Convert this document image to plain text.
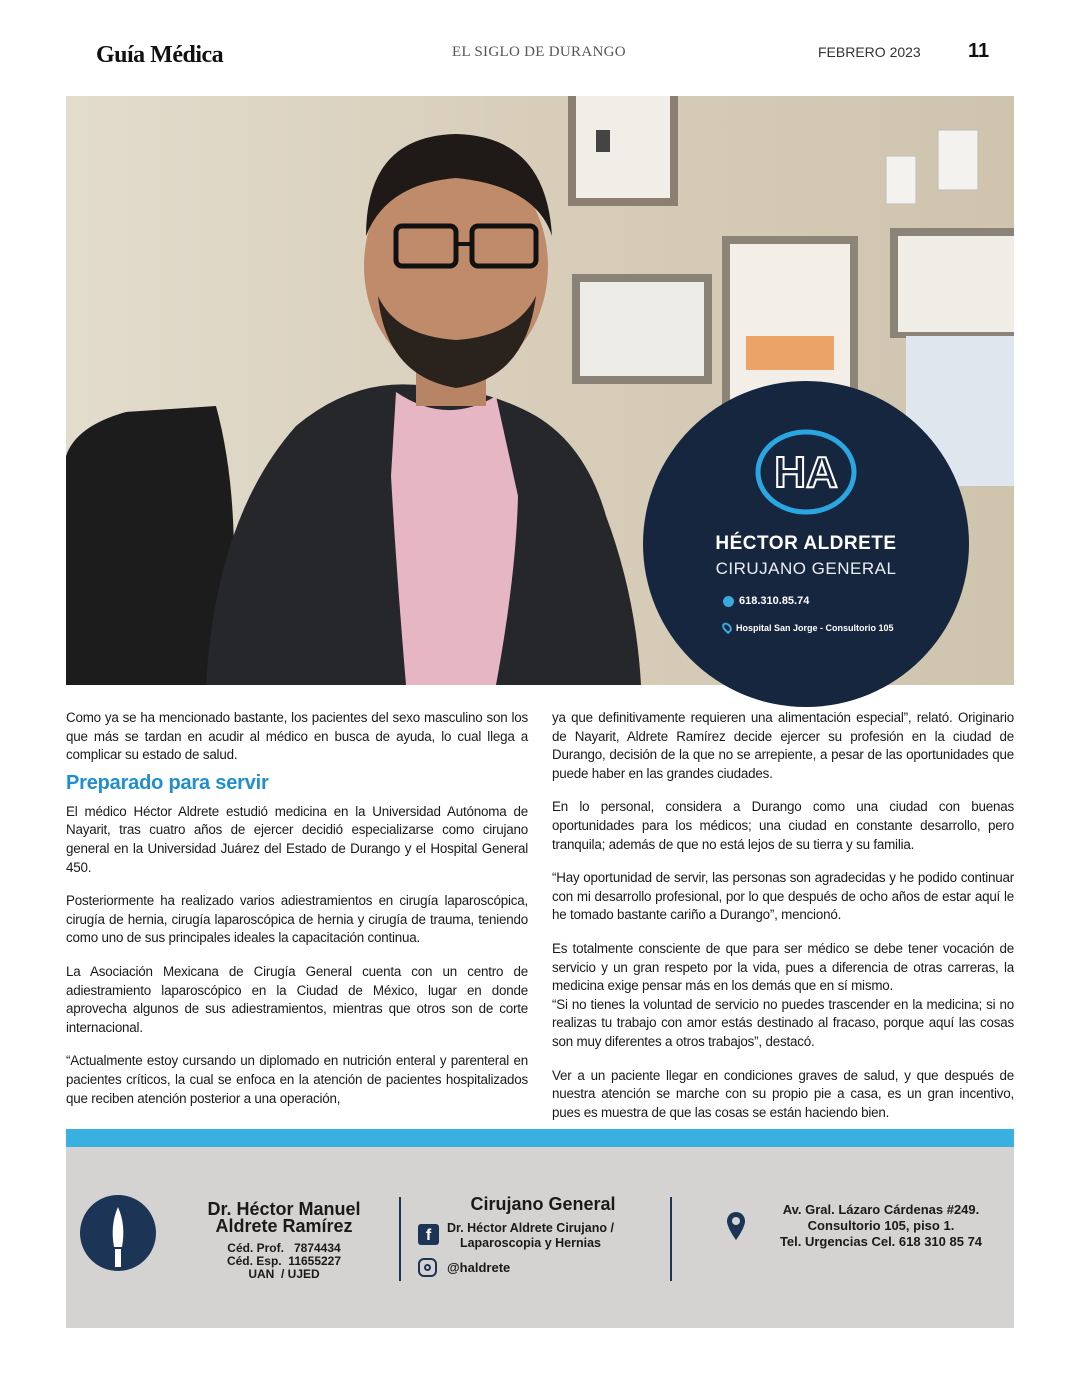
Guía Médica	EL SIGLO DE DURANGO	FEBRERO 2023 11
HA
HÉCTOR ALDRETE
CIRUJANO GENERAL
618.310.85.74
Hospital San Jorge - Consultorio 105

Como ya se ha mencionado bastante, los pacientes del sexo masculino son los que más se tardan en acudir al médico en busca de ayuda, lo cual llega a complicar su estado de salud.

Preparado para servir

El médico Héctor Aldrete estudió medicina en la Universidad Autónoma de Nayarit, tras cuatro años de ejercer decidió especializarse como cirujano general en la Universidad Juárez del Estado de Durango y el Hospital General 450.

Posteriormente ha realizado varios adiestramientos en cirugía laparoscópica, cirugía de hernia, cirugía laparoscópica de hernia y cirugía de trauma, teniendo como uno de sus principales ideales la capacitación continua.

La Asociación Mexicana de Cirugía General cuenta con un centro de adiestramiento laparoscópico en la Ciudad de México, lugar en donde aprovecha algunos de sus adiestramientos, mientras que otros son de corte internacional.

“Actualmente estoy cursando un diplomado en nutrición enteral y parenteral en pacientes críticos, la cual se enfoca en la atención de pacientes hospitalizados que reciben atención posterior a una operación,

ya que definitivamente requieren una alimentación especial”, relató. Originario de Nayarit, Aldrete Ramírez decide ejercer su profesión en la ciudad de Durango, decisión de la que no se arrepiente, a pesar de las oportunidades que puede haber en las grandes ciudades.

En lo personal, considera a Durango como una ciudad con buenas oportunidades para los médicos; una ciudad en constante desarrollo, pero tranquila; además de que no está lejos de su tierra y su familia.

“Hay oportunidad de servir, las personas son agradecidas y he podido continuar con mi desarrollo profesional, por lo que después de ocho años de estar aquí le he tomado bastante cariño a Durango”, mencionó.

Es totalmente consciente de que para ser médico se debe tener vocación de servicio y un gran respeto por la vida, pues a diferencia de otras carreras, la medicina exige pensar más en los demás que en sí mismo.

“Si no tienes la voluntad de servicio no puedes trascender en la medicina; si no realizas tu trabajo con amor estás destinado al fracaso, porque aquí las cosas son muy diferentes a otros trabajos”, destacó.

Ver a un paciente llegar en condiciones graves de salud, y que después de nuestra atención se marche con su propio pie a casa, es un gran incentivo, pues es muestra de que las cosas se están haciendo bien.

Dr. Héctor Manuel
Aldrete Ramírez
Céd. Prof.   7874434
Céd. Esp.  11655227
UAN  / UJED
Cirujano General
f	Dr. Héctor Aldrete Cirujano /
Laparoscopia y Hernias
@haldrete
Av. Gral. Lázaro Cárdenas #249.
Consultorio 105, piso 1.
Tel. Urgencias Cel. 618 310 85 74
